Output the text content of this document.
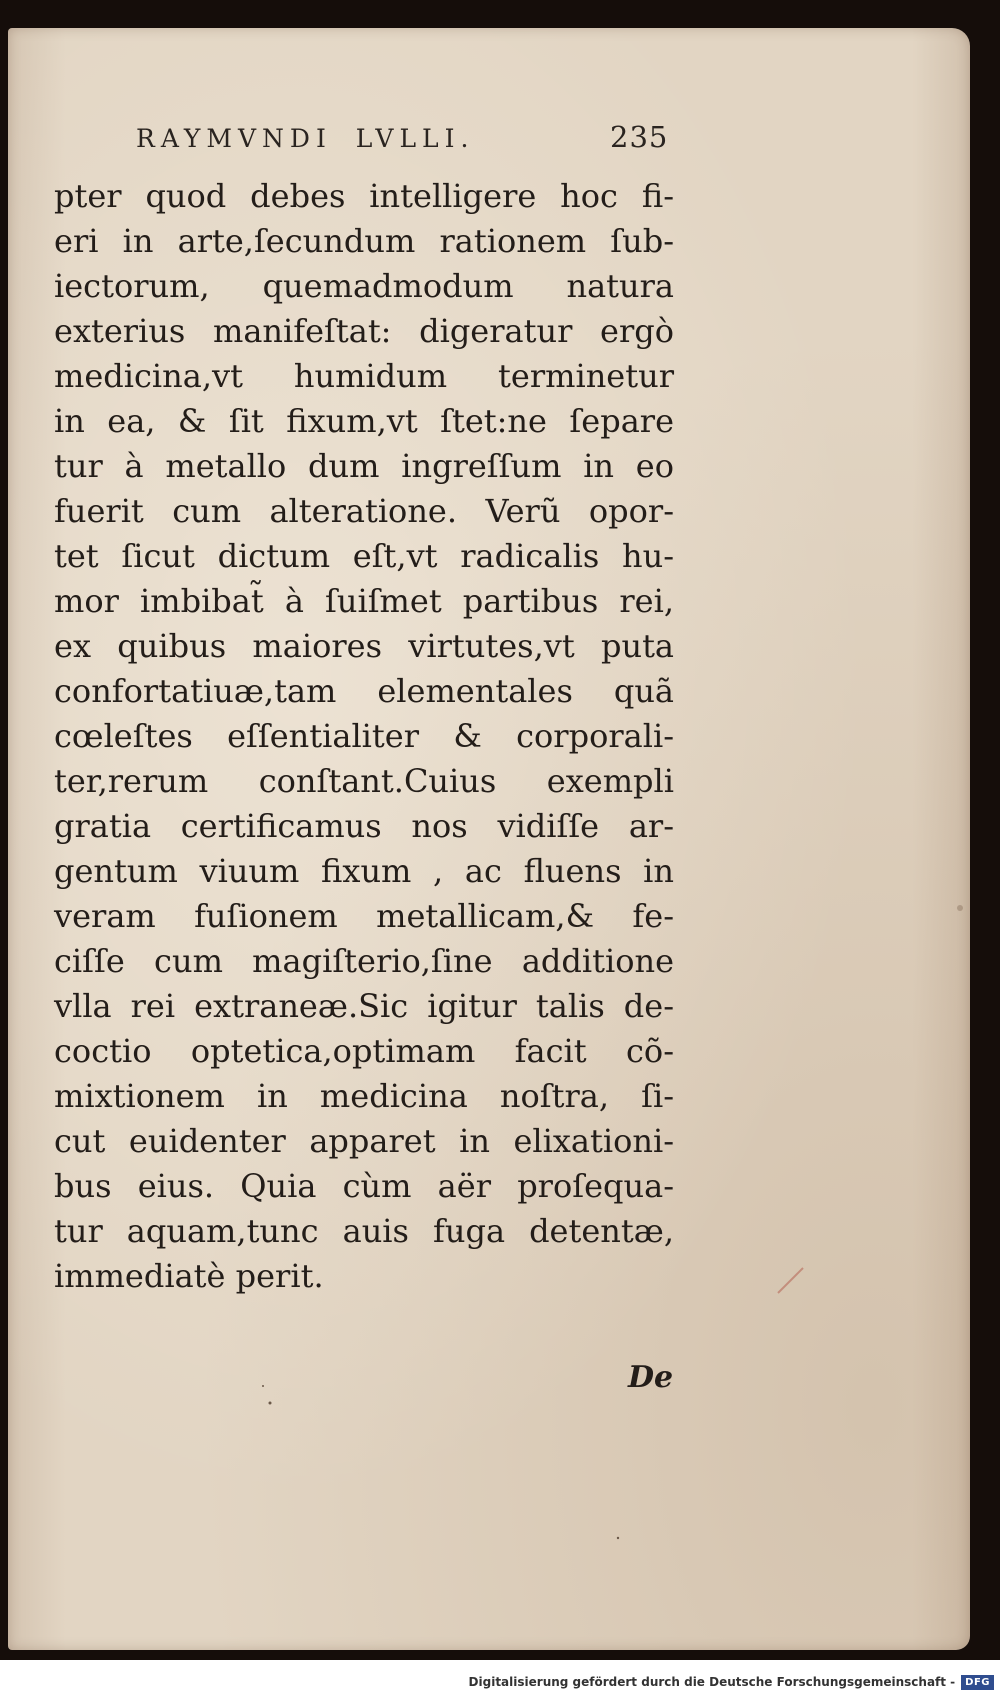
RAYMVNDI LVLLI.	235
pter quod debes intelligere hoc fi-
eri in arte,ſecundum rationem ſub-
iectorum, quemadmodum natura
exterius manifeſtat: digeratur ergò
medicina,vt humidum terminetur
in ea, & ſit fixum,vt ſtet:ne ſepare
tur à metallo dum ingreſſum in eo
fuerit cum alteratione. Verũ opor-
tet ſicut dictum eſt,vt radicalis hu-
mor imbibat̃ à ſuiſmet partibus rei,
ex quibus maiores virtutes,vt puta
confortatiuæ,tam elementales quã
cœleſtes eſſentialiter & corporali-
ter,rerum conſtant.Cuius exempli
gratia certificamus nos vidiſſe ar-
gentum viuum fixum , ac fluens in
veram fuſionem metallicam,& fe-
ciſſe cum magiſterio,ſine additione
vlla rei extraneæ.Sic igitur talis de-
coctio optetica,optimam facit cõ-
mixtionem in medicina noſtra, ſi-
cut euidenter apparet in elixationi-
bus eius. Quia cùm aër proſequa-
tur aquam,tunc auis fuga detentæ,
immediatè perit.
De
Digitalisierung gefördert durch die Deutsche Forschungsgemeinschaft -	DFG
